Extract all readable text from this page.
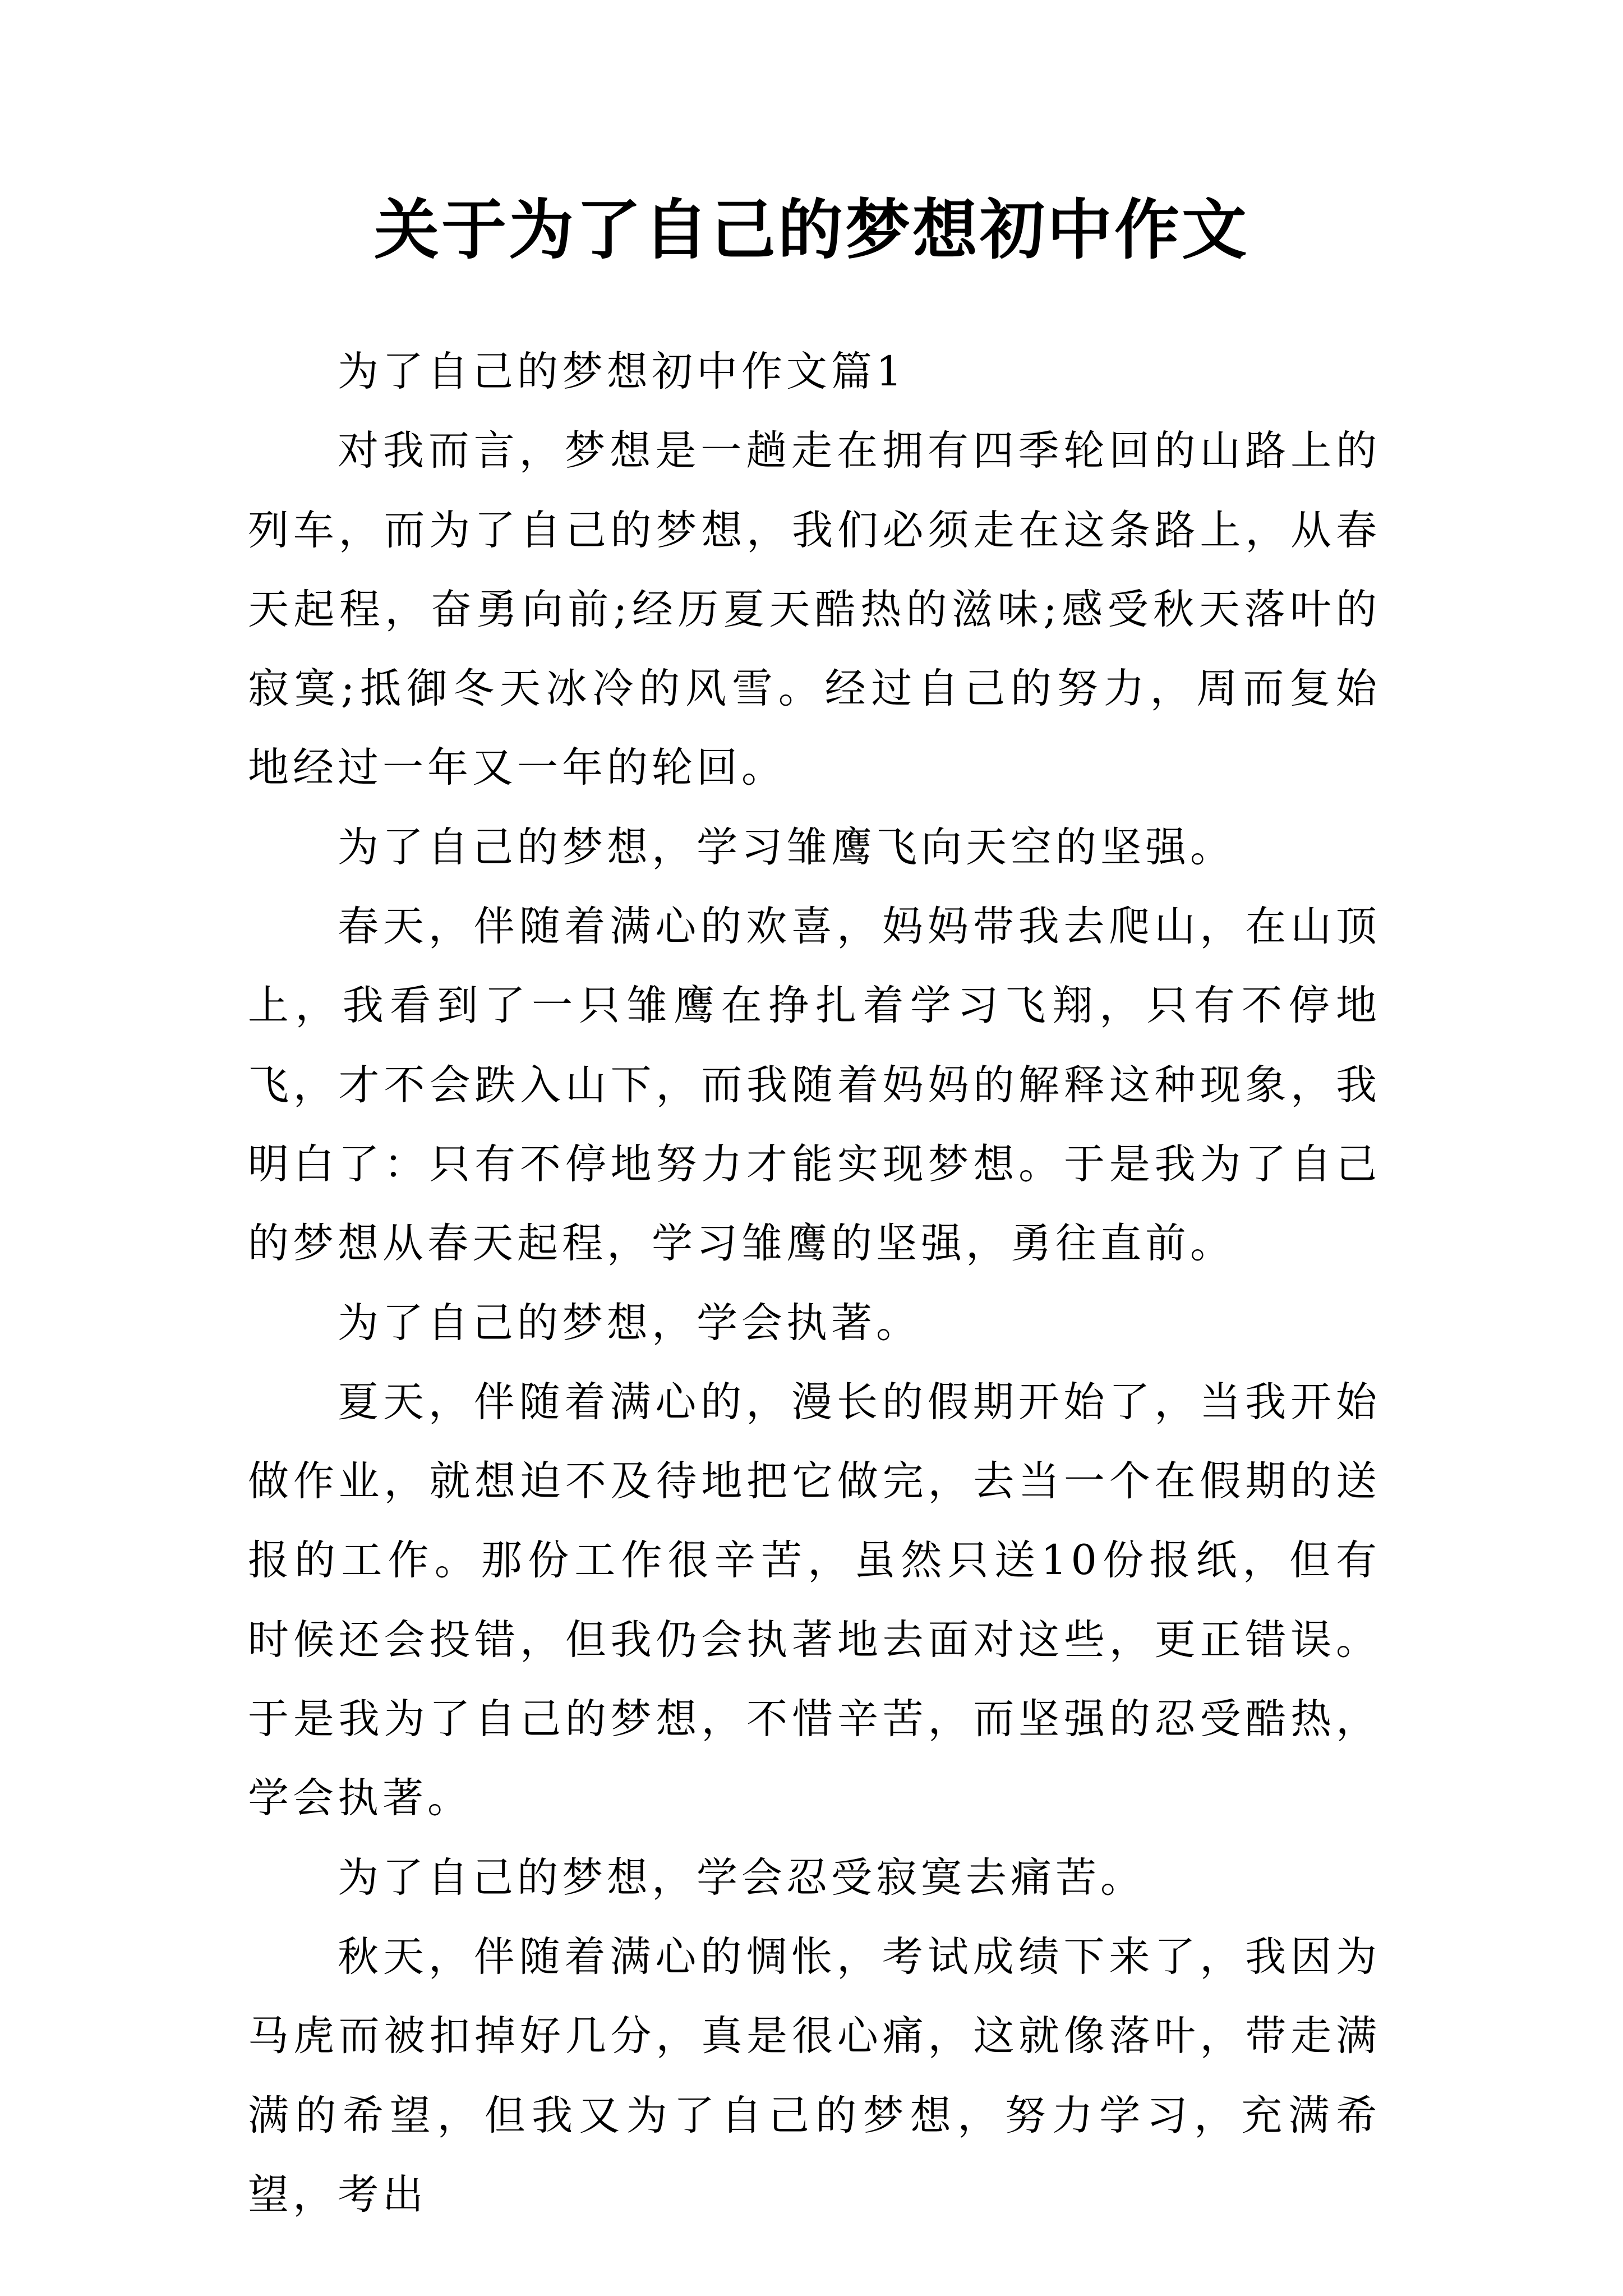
关于为了自己的梦想初中作文

为了自己的梦想初中作文篇1

对我而言，梦想是一趟走在拥有四季轮回的山路上的列车，而为了自己的梦想，我们必须走在这条路上，从春天起程，奋勇向前;经历夏天酷热的滋味;感受秋天落叶的寂寞;抵御冬天冰冷的风雪。经过自己的努力，周而复始地经过一年又一年的轮回。

为了自己的梦想，学习雏鹰飞向天空的坚强。

春天，伴随着满心的欢喜，妈妈带我去爬山，在山顶上，我看到了一只雏鹰在挣扎着学习飞翔，只有不停地飞，才不会跌入山下，而我随着妈妈的解释这种现象，我明白了：只有不停地努力才能实现梦想。于是我为了自己的梦想从春天起程，学习雏鹰的坚强，勇往直前。

为了自己的梦想，学会执著。

夏天，伴随着满心的，漫长的假期开始了，当我开始做作业，就想迫不及待地把它做完，去当一个在假期的送报的工作。那份工作很辛苦，虽然只送10份报纸，但有时候还会投错，但我仍会执著地去面对这些，更正错误。于是我为了自己的梦想，不惜辛苦，而坚强的忍受酷热，学会执著。

为了自己的梦想，学会忍受寂寞去痛苦。

秋天，伴随着满心的惆怅，考试成绩下来了，我因为马虎而被扣掉好几分，真是很心痛，这就像落叶，带走满满的希望，但我又为了自己的梦想，努力学习，充满希望，考出
